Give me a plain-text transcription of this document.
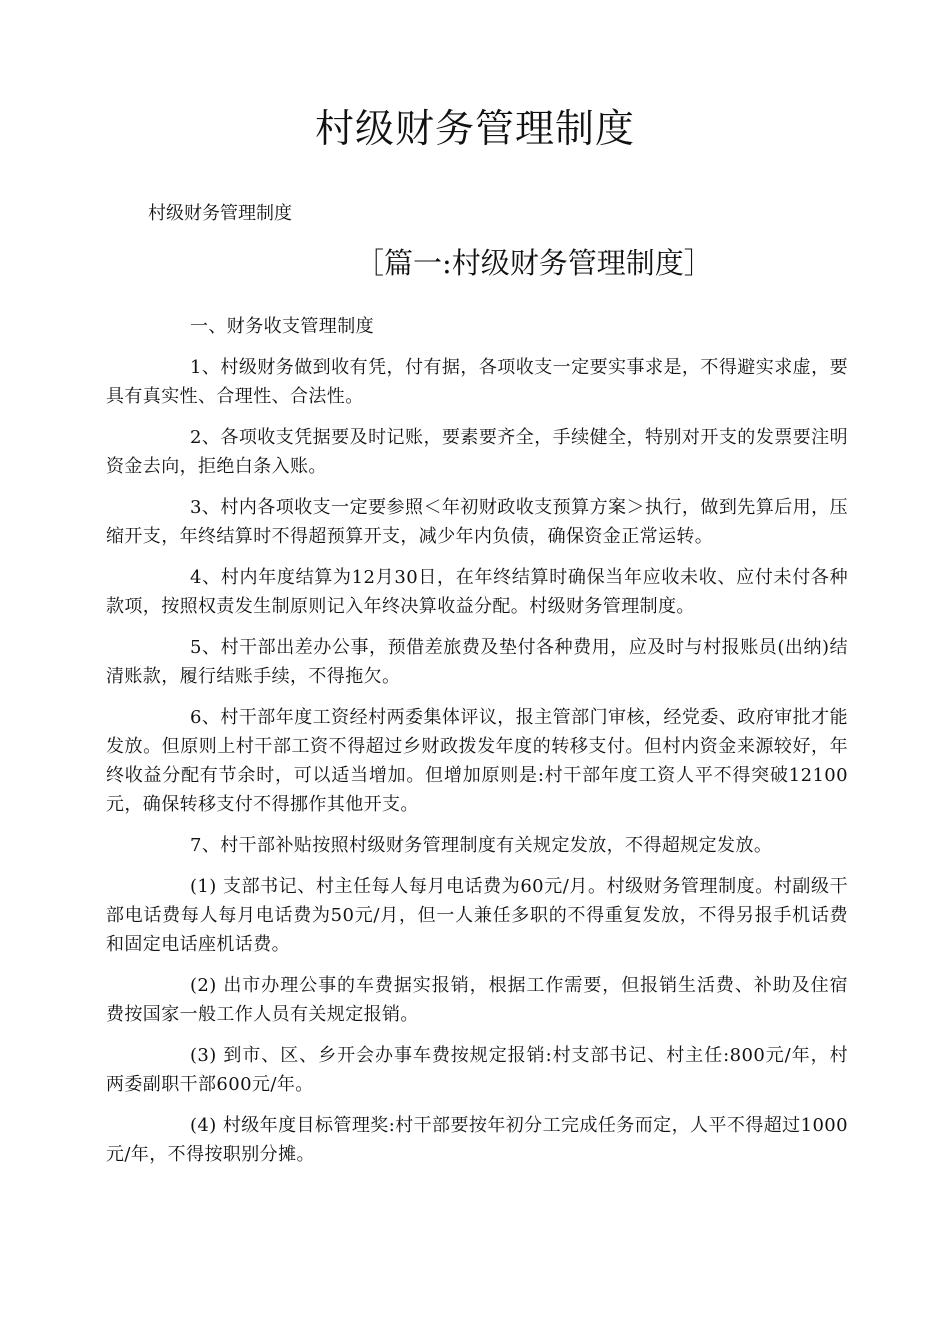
村级财务管理制度
村级财务管理制度
［篇一:村级财务管理制度］

一、财务收支管理制度

1、村级财务做到收有凭，付有据，各项收支一定要实事求是，不得避实求虚，要具有真实性、合理性、合法性。

2、各项收支凭据要及时记账，要素要齐全，手续健全，特别对开支的发票要注明资金去向，拒绝白条入账。

3、村内各项收支一定要参照＜年初财政收支预算方案＞执行，做到先算后用，压缩开支，年终结算时不得超预算开支，减少年内负债，确保资金正常运转。

4、村内年度结算为12月30日，在年终结算时确保当年应收未收、应付未付各种款项，按照权责发生制原则记入年终决算收益分配。村级财务管理制度。

5、村干部出差办公事，预借差旅费及垫付各种费用，应及时与村报账员(出纳)结清账款，履行结账手续，不得拖欠。

6、村干部年度工资经村两委集体评议，报主管部门审核，经党委、政府审批才能发放。但原则上村干部工资不得超过乡财政拨发年度的转移支付。但村内资金来源较好，年终收益分配有节余时，可以适当增加。但增加原则是:村干部年度工资人平不得突破12100元，确保转移支付不得挪作其他开支。

7、村干部补贴按照村级财务管理制度有关规定发放，不得超规定发放。

(1) 支部书记、村主任每人每月电话费为60元/月。村级财务管理制度。村副级干部电话费每人每月电话费为50元/月，但一人兼任多职的不得重复发放，不得另报手机话费和固定电话座机话费。

(2) 出市办理公事的车费据实报销，根据工作需要，但报销生活费、补助及住宿费按国家一般工作人员有关规定报销。

(3) 到市、区、乡开会办事车费按规定报销:村支部书记、村主任:800元/年，村两委副职干部600元/年。

(4) 村级年度目标管理奖:村干部要按年初分工完成任务而定，人平不得超过1000元/年，不得按职别分摊。
